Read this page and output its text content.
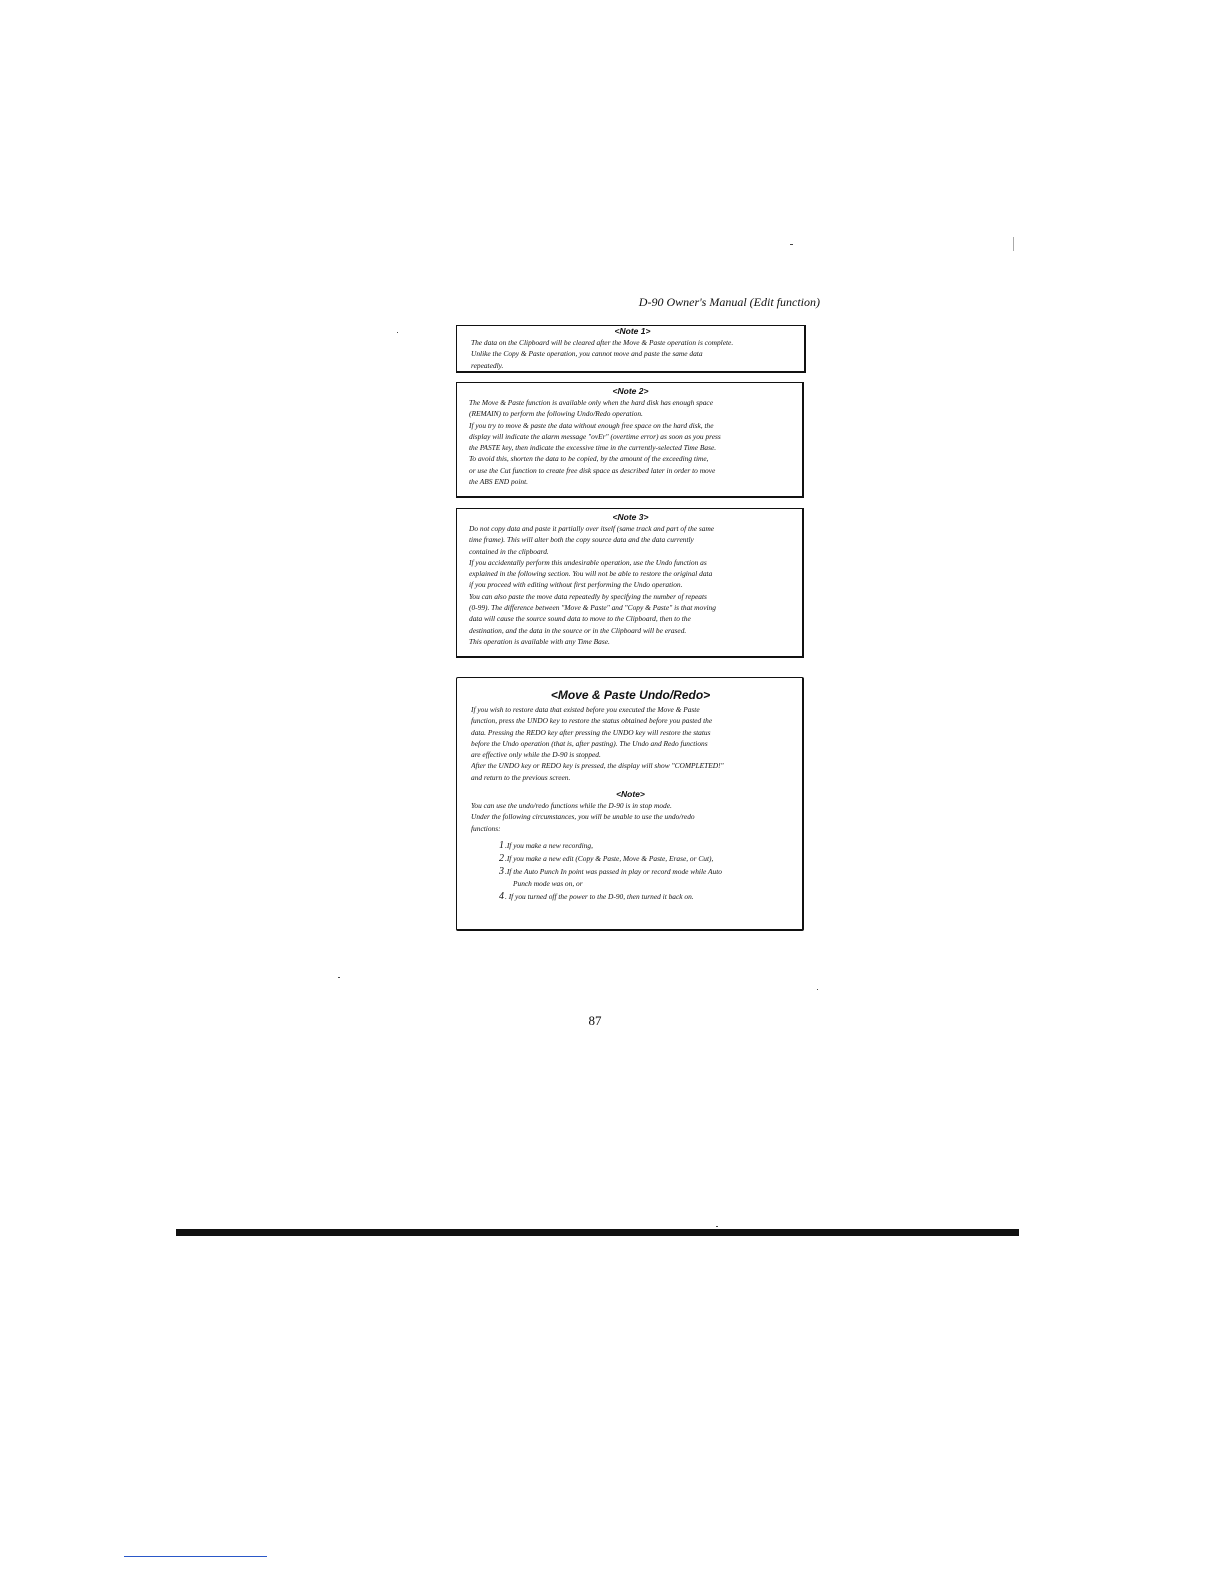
D-90 Owner's Manual (Edit function)
<Note 1>
The data on the Clipboard will be cleared after the Move & Paste operation is complete.
Unlike the Copy & Paste operation, you cannot move and paste the same data
repeatedly.
<Note 2>
The Move & Paste function is available only when the hard disk has enough space
(REMAIN) to perform the following Undo/Redo operation.
If you try to move & paste the data without enough free space on the hard disk, the
display will indicate the alarm message "ovEr" (overtime error) as soon as you press
the PASTE key, then indicate the excessive time in the currently-selected Time Base.
To avoid this, shorten the data to be copied, by the amount of the exceeding time,
or use the Cut function to create free disk space as described later in order to move
the ABS END point.
<Note 3>
Do not copy data and paste it partially over itself (same track and part of the same
time frame). This will alter both the copy source data and the data currently
contained in the clipboard.
If you accidentally perform this undesirable operation, use the Undo function as
explained in the following section. You will not be able to restore the original data
if you proceed with editing without first performing the Undo operation.
You can also paste the move data repeatedly by specifying the number of repeats
(0-99). The difference between "Move & Paste" and "Copy & Paste" is that moving
data will cause the source sound data to move to the Clipboard, then to the
destination, and the data in the source or in the Clipboard will be erased.
This operation is available with any Time Base.
<Move & Paste Undo/Redo>
If you wish to restore data that existed before you executed the Move & Paste
function, press the UNDO key to restore the status obtained before you pasted the
data. Pressing the REDO key after pressing the UNDO key will restore the status
before the Undo operation (that is, after pasting). The Undo and Redo functions
are effective only while the D-90 is stopped.
After the UNDO key or REDO key is pressed, the display will show "COMPLETED!"
and return to the previous screen.
<Note>
You can use the undo/redo functions while the D-90 is in stop mode.
Under the following circumstances, you will be unable to use the undo/redo
functions:
1.If you make a new recording,
2.If you make a new edit (Copy & Paste, Move & Paste, Erase, or Cut),
3.If the Auto Punch In point was passed in play or record mode while Auto
Punch mode was on, or
4. If you turned off the power to the D-90, then turned it back on.
87
